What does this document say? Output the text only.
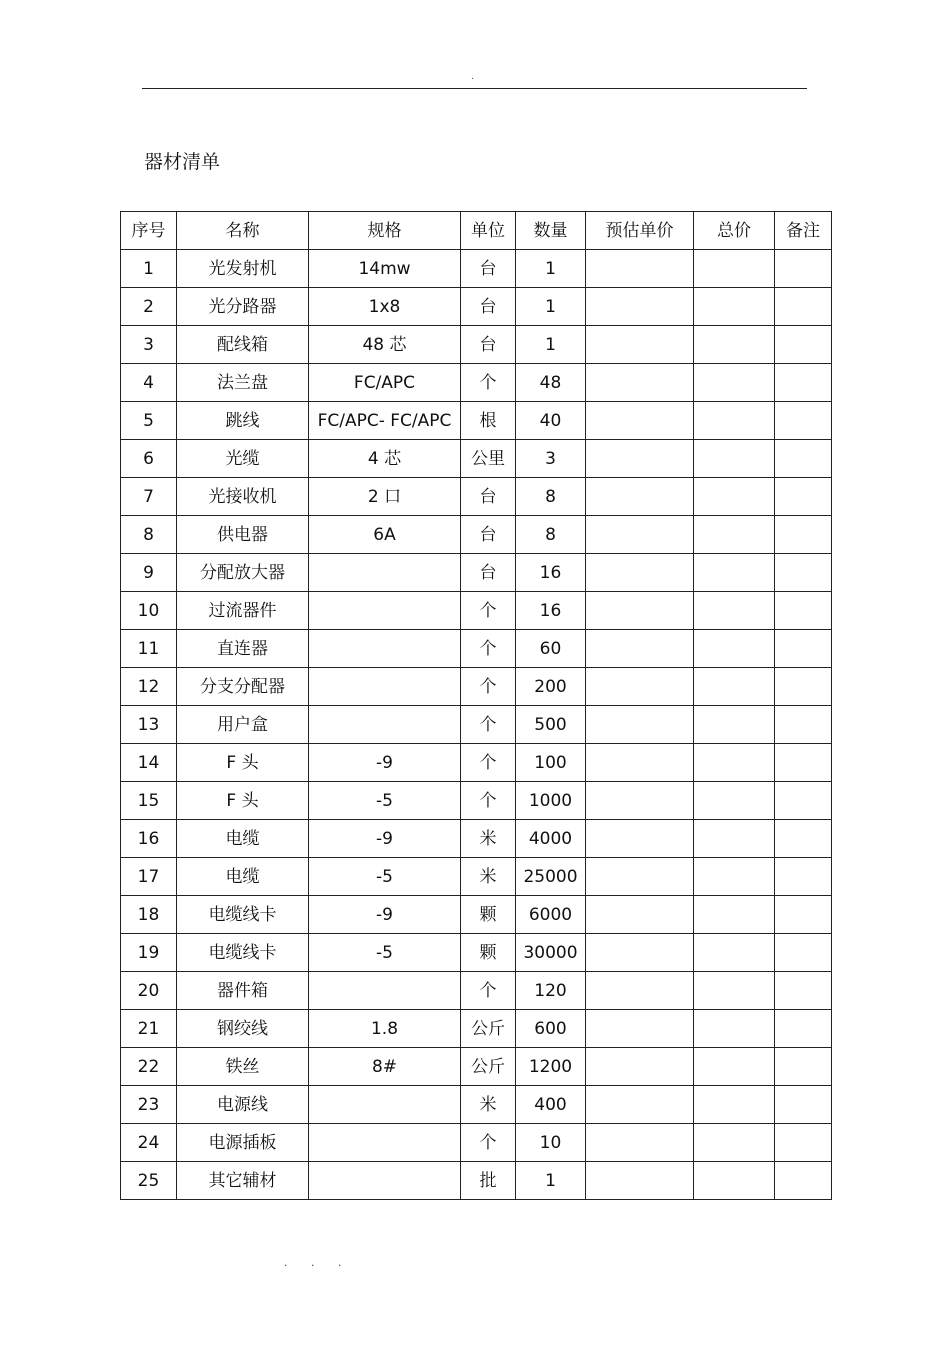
.
器材清单
序号	名称	规格	单位	数量	预估单价	总价	备注
1	光发射机	14mw	台	1			
2	光分路器	1x8	台	1			
3	配线箱	48 芯	台	1			
4	法兰盘	FC/APC	个	48			
5	跳线	FC/APC- FC/APC	根	40			
6	光缆	4 芯	公里	3			
7	光接收机	2 口	台	8			
8	供电器	6A	台	8			
9	分配放大器		台	16			
10	过流器件		个	16			
11	直连器		个	60			
12	分支分配器		个	200			
13	用户盒		个	500			
14	F 头	-9	个	100			
15	F 头	-5	个	1000			
16	电缆	-9	米	4000			
17	电缆	-5	米	25000			
18	电缆线卡	-9	颗	6000			
19	电缆线卡	-5	颗	30000			
20	器件箱		个	120			
21	钢绞线	1.8	公斤	600			
22	铁丝	8#	公斤	1200			
23	电源线		米	400			
24	电源插板		个	10			
25	其它辅材		批	1			
. . .
